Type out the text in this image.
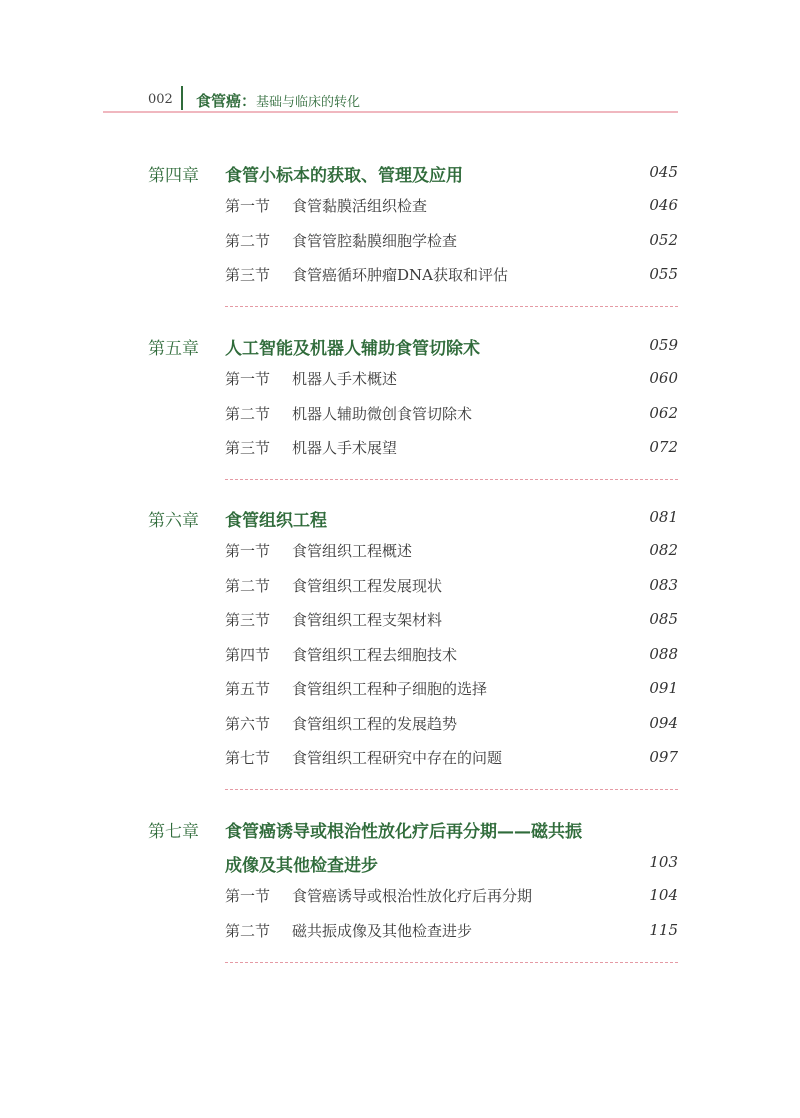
002 食管癌：基础与临床的转化
第四章 食管小标本的获取、管理及应用	045
第一节 食管黏膜活组织检查	046
第二节 食管管腔黏膜细胞学检查	052
第三节 食管癌循环肿瘤DNA获取和评估	055
第五章 人工智能及机器人辅助食管切除术	059
第一节 机器人手术概述	060
第二节 机器人辅助微创食管切除术	062
第三节 机器人手术展望	072
第六章 食管组织工程	081
第一节 食管组织工程概述	082
第二节 食管组织工程发展现状	083
第三节 食管组织工程支架材料	085
第四节 食管组织工程去细胞技术	088
第五节 食管组织工程种子细胞的选择	091
第六节 食管组织工程的发展趋势	094
第七节 食管组织工程研究中存在的问题	097
第七章 食管癌诱导或根治性放化疗后再分期——磁共振
成像及其他检查进步	103
第一节 食管癌诱导或根治性放化疗后再分期	104
第二节 磁共振成像及其他检查进步	115
